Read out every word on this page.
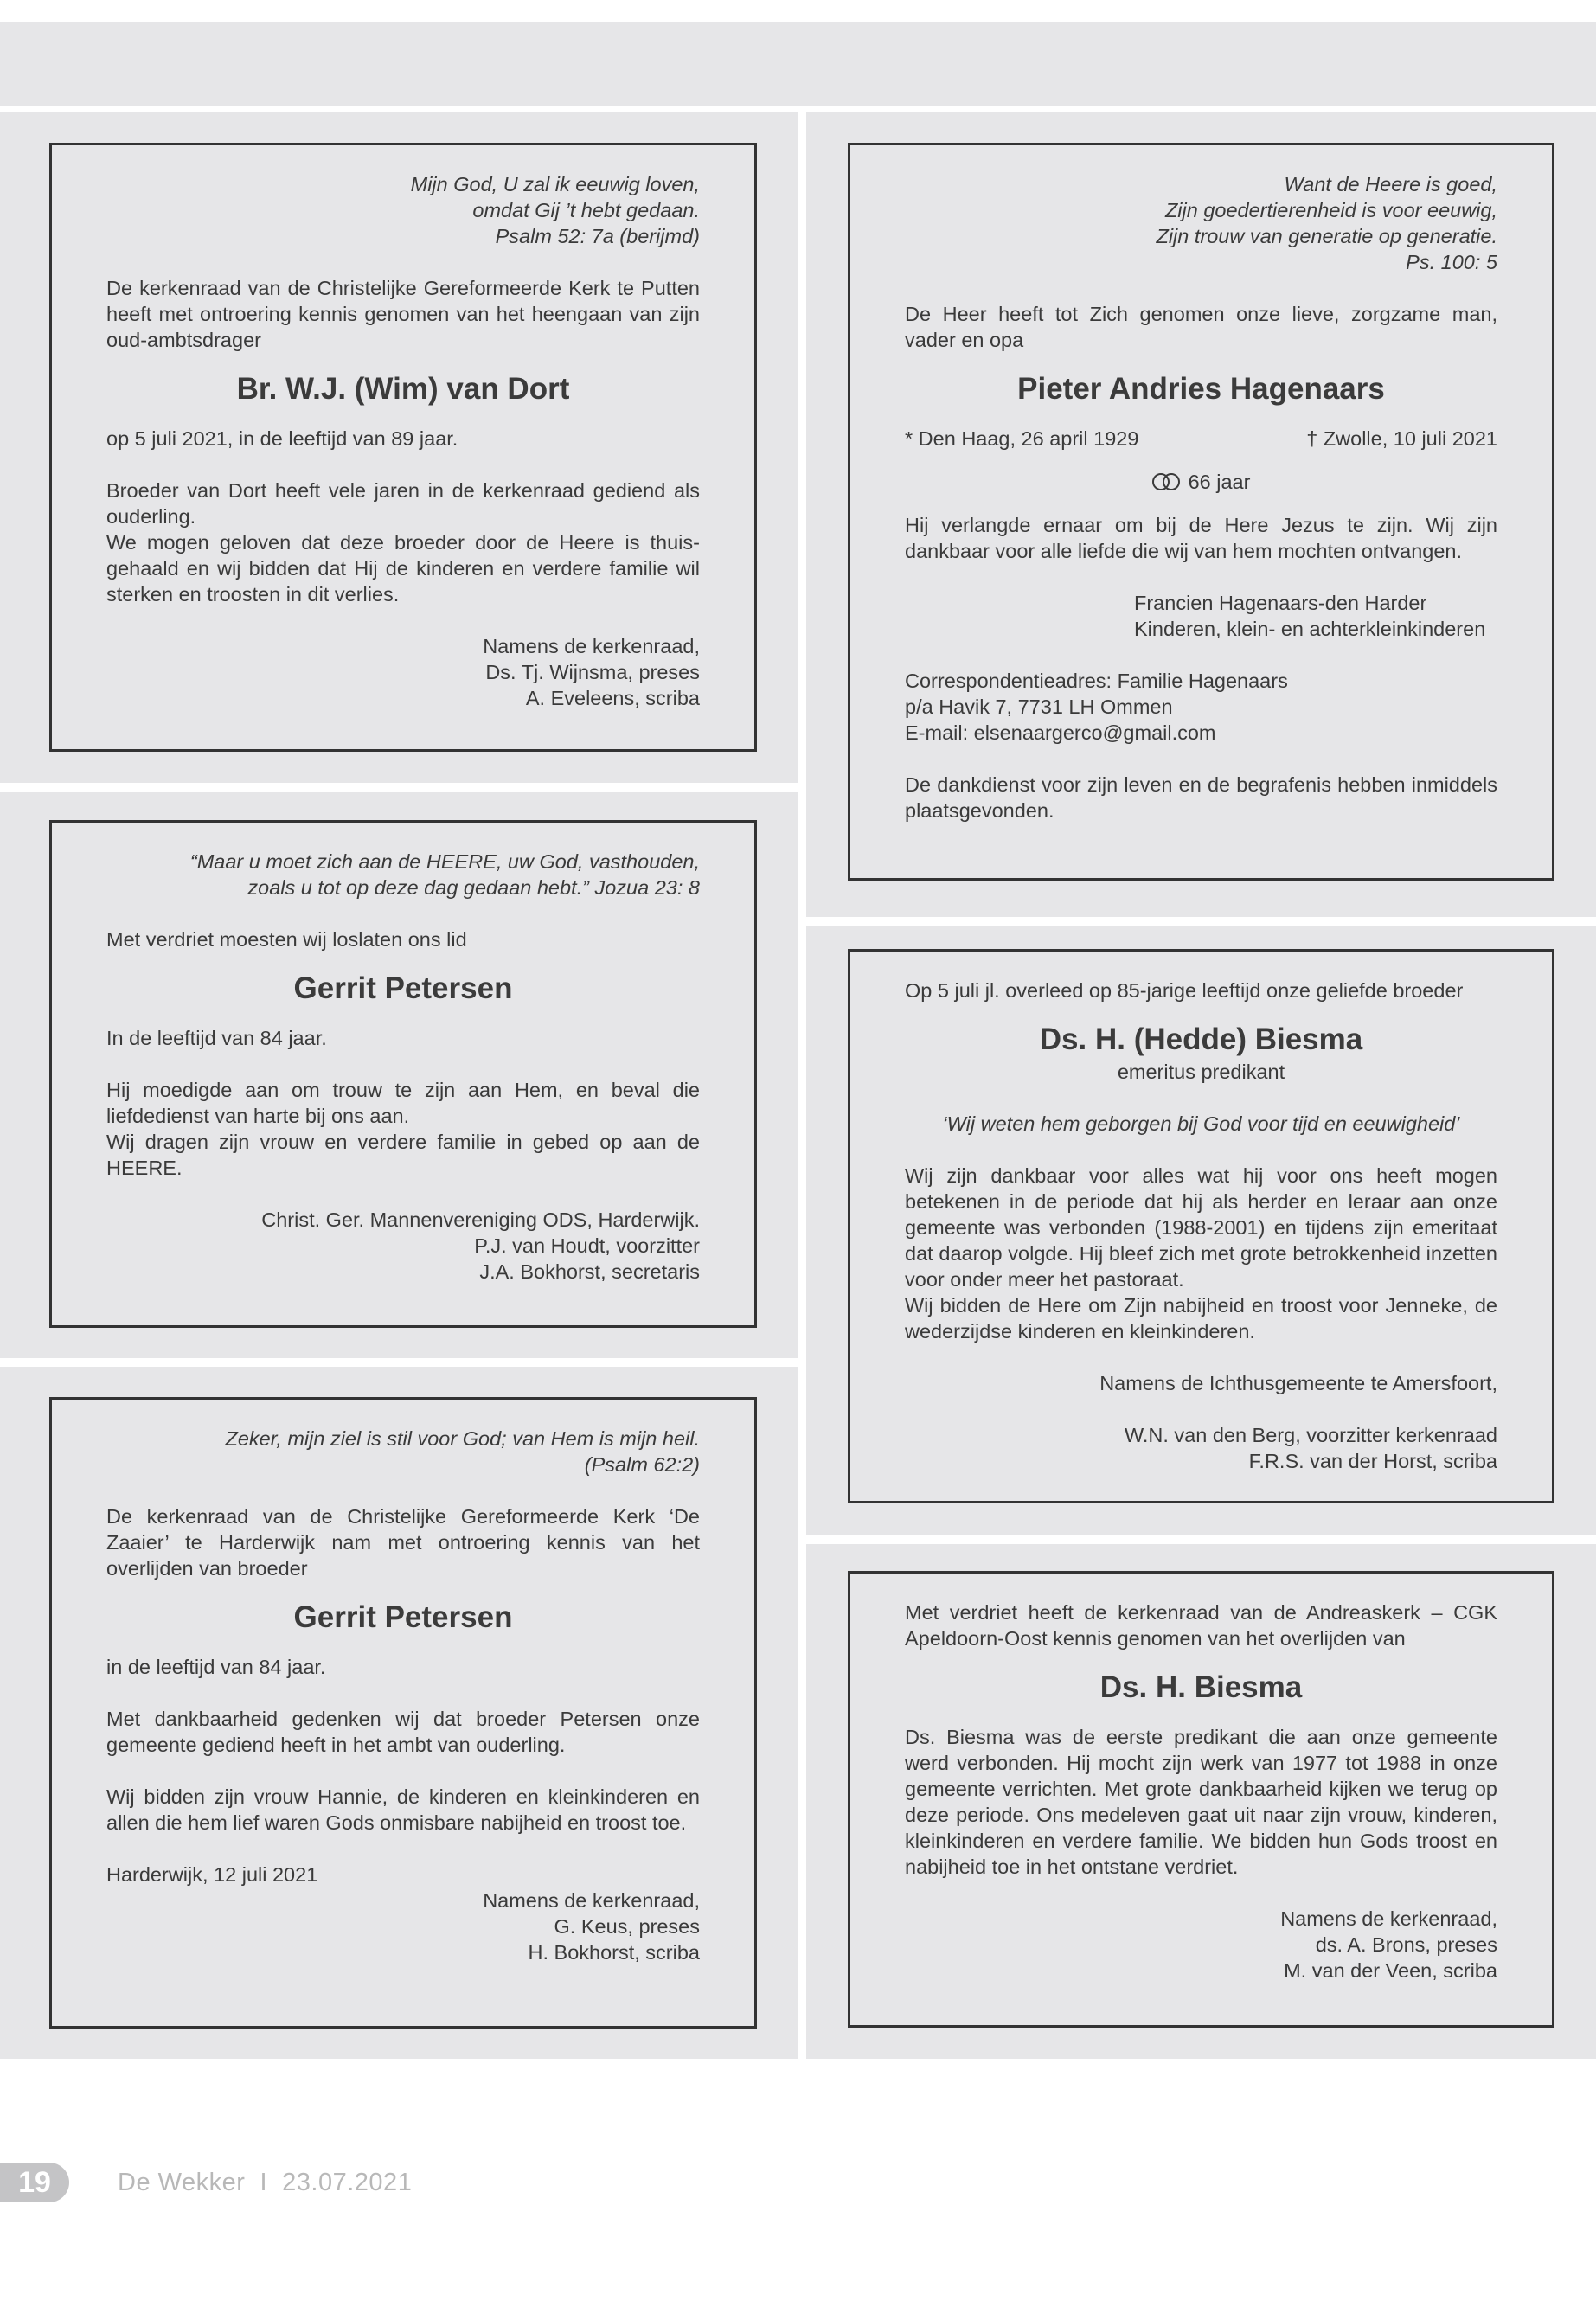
Mijn God, U zal ik eeuwig loven,
omdat Gij ’t hebt gedaan.
Psalm 52: 7a (berijmd)
De kerkenraad van de Christelijke Gereformeerde Kerk te Putten heeft met ontroering kennis genomen van het heengaan van zijn oud-ambtsdrager
Br. W.J. (Wim) van Dort
op 5 juli 2021, in de leeftijd van 89 jaar.
Broeder van Dort heeft vele jaren in de kerkenraad gediend als ouderling.
We mogen geloven dat deze broeder door de Heere is thuisgehaald en wij bidden dat Hij de kinderen en verdere familie wil sterken en troosten in dit verlies.
Namens de kerkenraad,
Ds. Tj. Wijnsma, preses
A. Eveleens, scriba
“Maar u moet zich aan de HEERE, uw God, vasthouden,
zoals u tot op deze dag gedaan hebt.” Jozua 23: 8
Met verdriet moesten wij loslaten ons lid
Gerrit Petersen
In de leeftijd van 84 jaar.
Hij moedigde aan om trouw te zijn aan Hem, en beval die liefdedienst van harte bij ons aan.
Wij dragen zijn vrouw en verdere familie in gebed op aan de HEERE.
Christ. Ger. Mannenvereniging ODS, Harderwijk.
P.J. van Houdt, voorzitter
J.A. Bokhorst, secretaris
Zeker, mijn ziel is stil voor God; van Hem is mijn heil.
(Psalm 62:2)
De kerkenraad van de Christelijke Gereformeerde Kerk ‘De Zaaier’ te Harderwijk nam met ontroering kennis van het overlijden van broeder
Gerrit Petersen
in de leeftijd van 84 jaar.
Met dankbaarheid gedenken wij dat broeder Petersen onze gemeente gediend heeft in het ambt van ouderling.
Wij bidden zijn vrouw Hannie, de kinderen en kleinkinderen en allen die hem lief waren Gods onmisbare nabijheid en troost toe.
Harderwijk, 12 juli 2021
Namens de kerkenraad,
G. Keus, preses
H. Bokhorst, scriba
Want de Heere is goed,
Zijn goedertierenheid is voor eeuwig,
Zijn trouw van generatie op generatie.
Ps. 100: 5
De Heer heeft tot Zich genomen onze lieve, zorgzame man, vader en opa
Pieter Andries Hagenaars
* Den Haag, 26 april 1929	† Zwolle, 10 juli 2021
66 jaar
Hij verlangde ernaar om bij de Here Jezus te zijn. Wij zijn dankbaar voor alle liefde die wij van hem mochten ontvangen.
Francien Hagenaars-den Harder
Kinderen, klein- en achterkleinkinderen
Correspondentieadres: Familie Hagenaars
p/a Havik 7, 7731 LH Ommen
E-mail: elsenaargerco@gmail.com
De dankdienst voor zijn leven en de begrafenis hebben inmiddels plaatsgevonden.
Op 5 juli jl. overleed op 85-jarige leeftijd onze geliefde broeder
Ds. H. (Hedde) Biesma
emeritus predikant
‘Wij weten hem geborgen bij God voor tijd en eeuwigheid’
Wij zijn dankbaar voor alles wat hij voor ons heeft mogen betekenen in de periode dat hij als herder en leraar aan onze gemeente was verbonden (1988-2001) en tijdens zijn emeritaat dat daarop volgde. Hij bleef zich met grote betrokkenheid inzetten voor onder meer het pastoraat.
Wij bidden de Here om Zijn nabijheid en troost voor Jenneke, de wederzijdse kinderen en kleinkinderen.
Namens de Ichthusgemeente te Amersfoort,
W.N. van den Berg, voorzitter kerkenraad
F.R.S. van der Horst, scriba
Met verdriet heeft de kerkenraad van de Andreaskerk – CGK Apeldoorn-Oost kennis genomen van het overlijden van
Ds. H. Biesma
Ds. Biesma was de eerste predikant die aan onze gemeente werd verbonden. Hij mocht zijn werk van 1977 tot 1988 in onze gemeente verrichten. Met grote dankbaarheid kijken we terug op deze periode. Ons medeleven gaat uit naar zijn vrouw, kinderen, kleinkinderen en verdere familie. We bidden hun Gods troost en nabijheid toe in het ontstane verdriet.
Namens de kerkenraad,
ds. A. Brons, preses
M. van der Veen, scriba
19	De Wekker  I  23.07.2021
